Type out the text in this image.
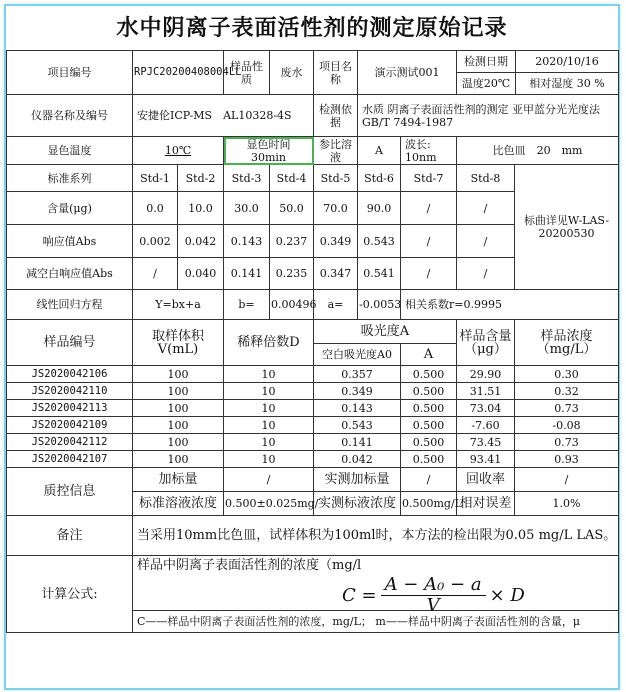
水中阴离子表面活性剂的测定原始记录
项目编号	RPJC20200408004LL		样品性质	废水	项目名称	演示测试001		检测日期 2020/10/16
温度20℃ 相对湿度 30 %	

仪器名称及编号	安捷伦ICP-MS　AL10328-4S				检测依据	水质 阴离子表面活性剂的测定 亚甲蓝分光光度法 GB/T 7494-1987			
显色温度	10℃		显色时间　30min		参比溶液	A	波长: 10nm	比色皿　20　mm	
标准系列	Std-1	Std-2	Std-3	Std-4	Std-5	Std-6	Std-7	Std-8	标曲详见W-LAS-20200530
含量(μg)	0.0	10.0	30.0	50.0	70.0	90.0	/	/	
响应值Abs	0.002	0.042	0.143	0.237	0.349	0.543	/	/	
减空白响应值Abs	/	0.040	0.141	0.235	0.347	0.541	/	/	
线性回归方程	Y=bx+a		b=	0.00496	a=	-0.0053	相关系数r=0.9995		
样品编号	取样体积V(mL)		稀释倍数D		吸光度A			样品含量（μg）	样品浓度（mg/L）
					空白吸光度A0		A		
JS2020042106	100		10		0.357		0.500	29.90	0.30
JS2020042110	100		10		0.349		0.500	31.51	0.32
JS2020042113	100		10		0.143		0.500	73.04	0.73
JS2020042109	100		10		0.543		0.500	-7.60	-0.08
JS2020042112	100		10		0.141		0.500	73.45	0.73
JS2020042107	100		10		0.042		0.500	93.41	0.93
质控信息	加标量		/		实测加标量		/	回收率	/
	标准溶液浓度		0.500±0.025mg/		实测标液浓度		0.500mg/L	相对误差	1.0%
备注	当采用10mm比色皿，试样体积为100ml时，本方法的检出限为0.05 mg/L LAS。								
计算公式:	样品中阴离子表面活性剂的浓度（mg/l
$C = \frac{\text{A − A₀ − a}}{V} \times D$								

	C——样品中阴离子表面活性剂的浓度，mg/L； m——样品中阴离子表面活性剂的含量，μ								
